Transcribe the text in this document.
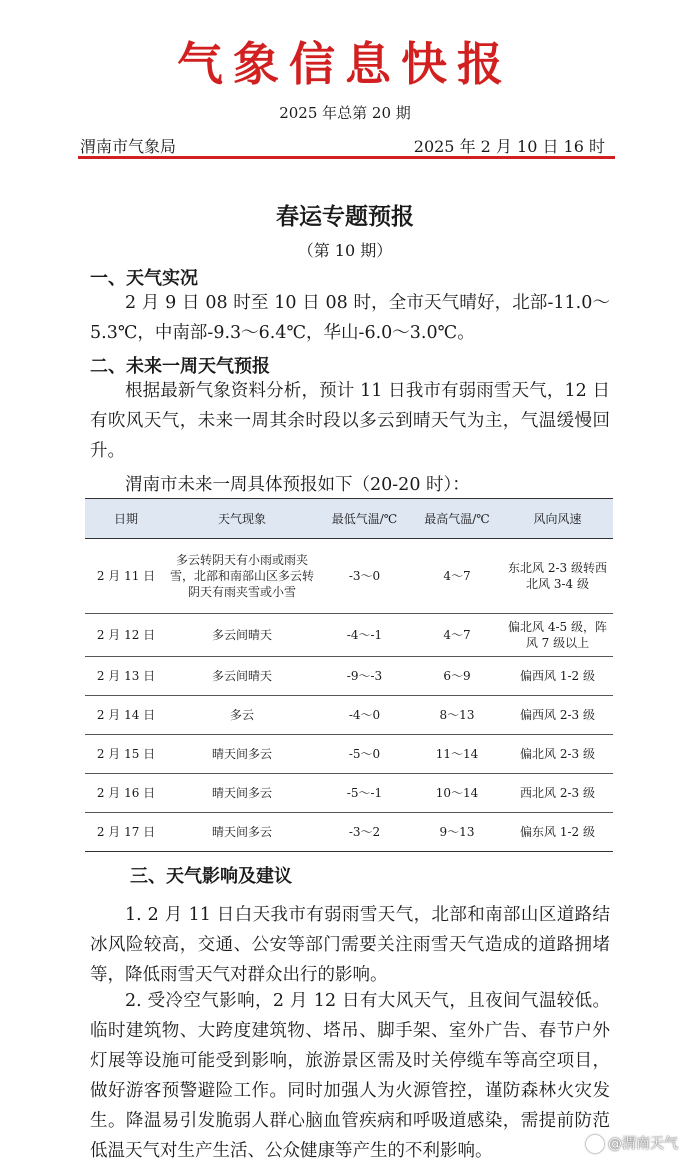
气象信息快报
2025 年总第 20 期
渭南市气象局	2025 年 2 月 10 日 16 时
春运专题预报
（第 10 期）
一、天气实况
2 月 9 日 08 时至 10 日 08 时，全市天气晴好，北部-11.0～5.3℃，中南部-9.3～6.4℃，华山-6.0～3.0℃。
二、未来一周天气预报
根据最新气象资料分析，预计 11 日我市有弱雨雪天气，12 日有吹风天气，未来一周其余时段以多云到晴天气为主，气温缓慢回升。
渭南市未来一周具体预报如下（20-20 时）：
日期	天气现象	最低气温/℃	最高气温/℃	风向风速
2 月 11 日	多云转阴天有小雨或雨夹雪，北部和南部山区多云转阴天有雨夹雪或小雪	-3～0	4～7	东北风 2-3 级转西北风 3-4 级
2 月 12 日	多云间晴天	-4～-1	4～7	偏北风 4-5 级，阵风 7 级以上
2 月 13 日	多云间晴天	-9～-3	6～9	偏西风 1-2 级
2 月 14 日	多云	-4～0	8～13	偏西风 2-3 级
2 月 15 日	晴天间多云	-5～0	11～14	偏北风 2-3 级
2 月 16 日	晴天间多云	-5～-1	10～14	西北风 2-3 级
2 月 17 日	晴天间多云	-3～2	9～13	偏东风 1-2 级
三、天气影响及建议
1. 2 月 11 日白天我市有弱雨雪天气，北部和南部山区道路结冰风险较高，交通、公安等部门需要关注雨雪天气造成的道路拥堵等，降低雨雪天气对群众出行的影响。
2. 受冷空气影响，2 月 12 日有大风天气，且夜间气温较低。临时建筑物、大跨度建筑物、塔吊、脚手架、室外广告、春节户外灯展等设施可能受到影响，旅游景区需及时关停缆车等高空项目，做好游客预警避险工作。同时加强人为火源管控，谨防森林火灾发生。降温易引发脆弱人群心脑血管疾病和呼吸道感染，需提前防范低温天气对生产生活、公众健康等产生的不利影响。	@渭南天气
